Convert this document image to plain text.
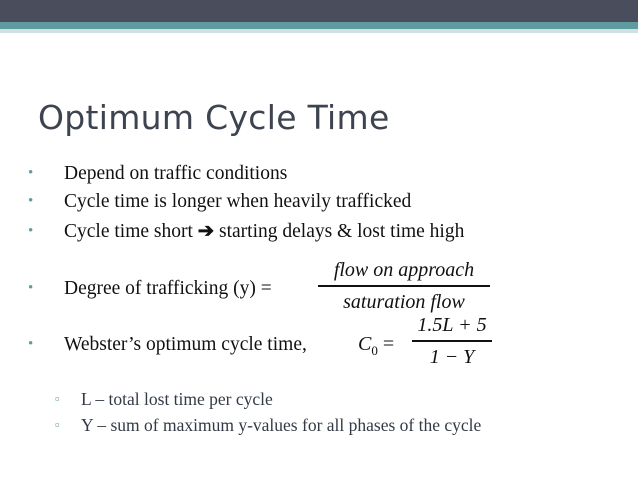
Optimum Cycle Time
• Depend on traffic conditions
• Cycle time is longer when heavily trafficked
• Cycle time short ➔ starting delays & lost time high
• Degree of trafficking (y) =
flow on approach
saturation flow
• Webster’s optimum cycle time,	$C_0$ =
1.5L + 5
1 − Y
▫ L – total lost time per cycle
▫ Y – sum of maximum y-values for all phases of the cycle
